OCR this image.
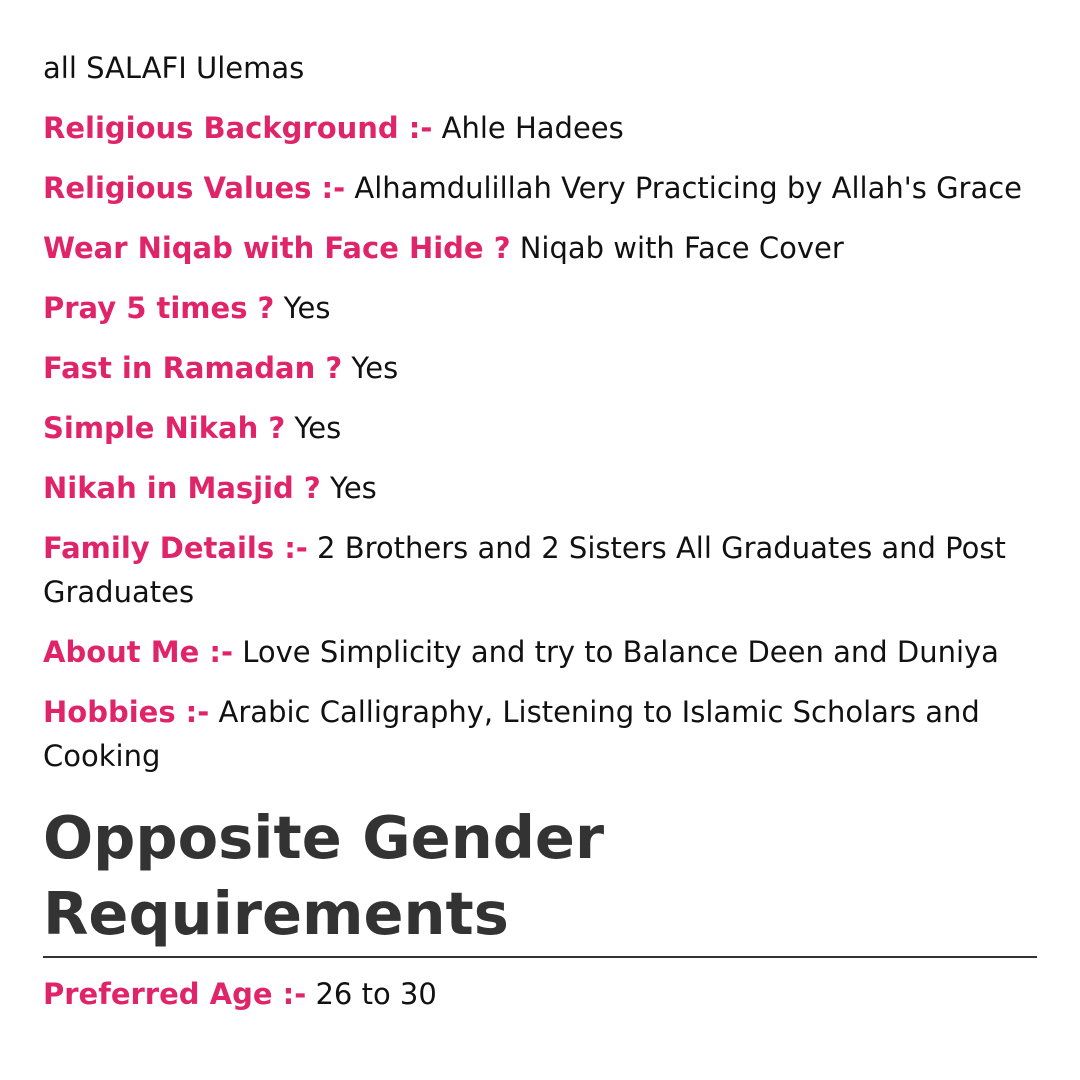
all SALAFI Ulemas

Religious Background :- Ahle Hadees

Religious Values :- Alhamdulillah Very Practicing by Allah's Grace

Wear Niqab with Face Hide ? Niqab with Face Cover

Pray 5 times ? Yes

Fast in Ramadan ? Yes

Simple Nikah ? Yes

Nikah in Masjid ? Yes

Family Details :- 2 Brothers and 2 Sisters All Graduates and Post Graduates

About Me :- Love Simplicity and try to Balance Deen and Duniya

Hobbies :- Arabic Calligraphy, Listening to Islamic Scholars and Cooking

Opposite Gender Requirements

Preferred Age :- 26 to 30
